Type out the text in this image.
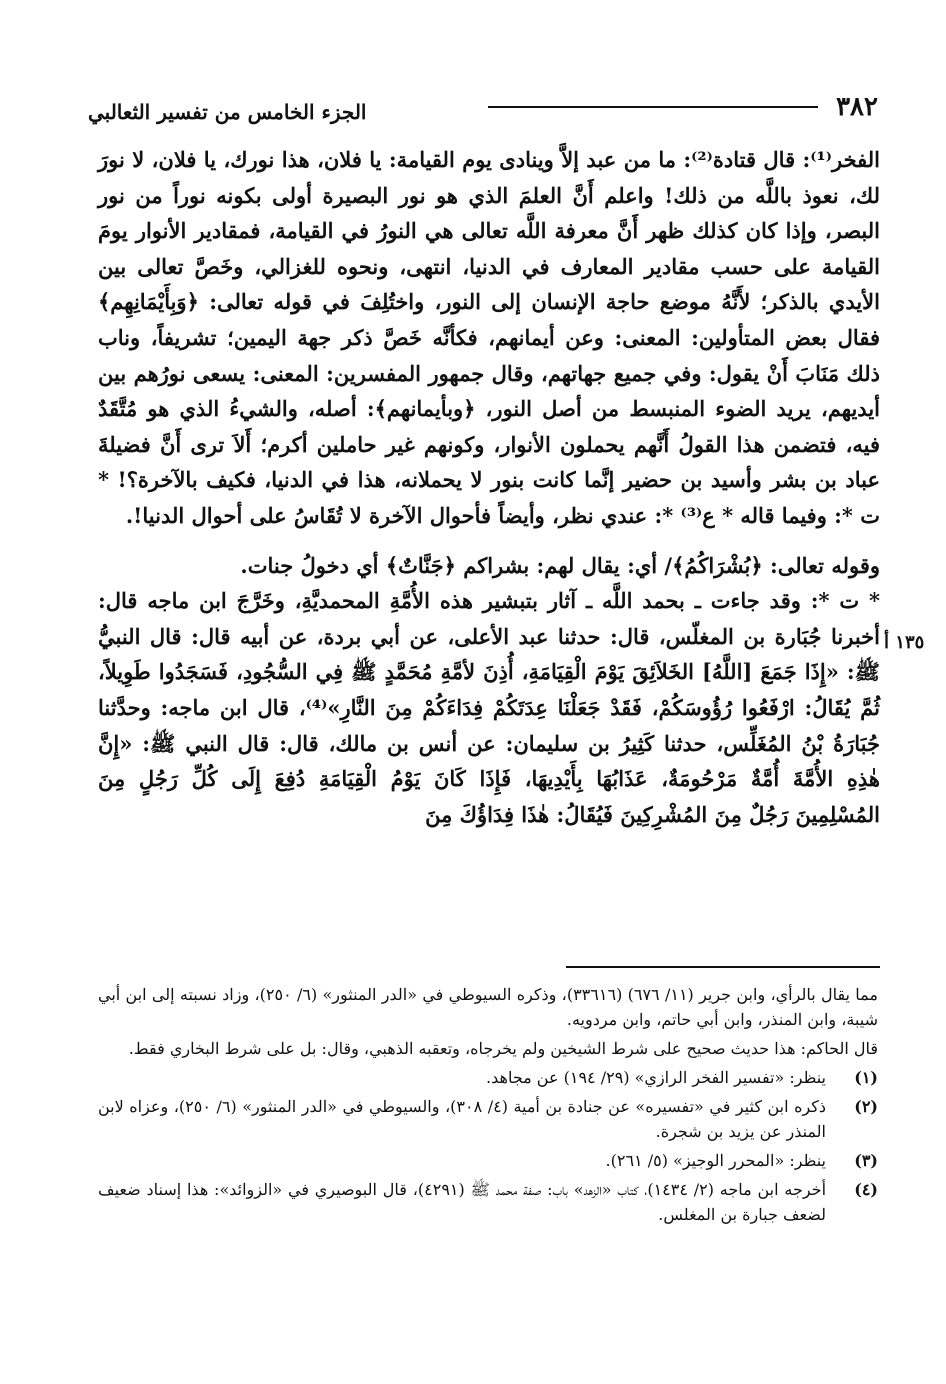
٣٨٢
الجزء الخامس من تفسير الثعالبي

الفخر⁽¹⁾: قال قتادة⁽²⁾: ما من عبد إلاَّ وينادى يوم القيامة: يا فلان، هذا نورك، يا فلان، لا نورَ لك، نعوذ باللَّه من ذلك! واعلم أَنَّ العلمَ الذي هو نور البصيرة أولى بكونه نوراً من نور البصر، وإذا كان كذلك ظهر أَنَّ معرفة اللَّه تعالى هي النورُ في القيامة، فمقادير الأنوار يومَ القيامة على حسب مقادير المعارف في الدنيا، انتهى، ونحوه للغزالي، وخَصَّ تعالى بين الأيدي بالذكر؛ لأَنَّهُ موضع حاجة الإنسان إلى النور، واختُلِفَ في قوله تعالى: ﴿وَبِأَيْمَانِهِم﴾ فقال بعض المتأولين: المعنى: وعن أيمانهم، فكأنَّه خَصَّ ذكر جهة اليمين؛ تشريفاً، وناب ذلك مَنَابَ أَنْ يقول: وفي جميع جهاتهم، وقال جمهور المفسرين: المعنى: يسعى نورُهم بين أيديهم، يريد الضوء المنبسط من أصل النور، ﴿وبأيمانهم﴾: أصله، والشيءُ الذي هو مُتَّقَدٌ فيه، فتضمن هذا القولُ أَنَّهم يحملون الأنوار، وكونهم غير حاملين أكرم؛ أَلاَ ترى أَنَّ فضيلةَ عباد بن بشر وأسيد بن حضير إنَّما كانت بنور لا يحملانه، هذا في الدنيا، فكيف بالآخرة؟! * ت *: وفيما قاله * ع⁽³⁾ *: عندي نظر، وأيضاً فأحوال الآخرة لا تُقَاسُ على أحوال الدنيا!.

وقوله تعالى: ﴿بُشْرَاكُمُ﴾/ أي: يقال لهم: بشراكم ﴿جَنَّاتٌ﴾ أي دخولُ جنات.

* ت *: وقد جاءت ـ بحمد اللَّه ـ آثار بتبشير هذه الأُمَّةِ المحمديَّةِ، وخَرَّجَ ابن ماجه قال: أخبرنا جُبَارة بن المغلّس، قال: حدثنا عبد الأعلى، عن أبي بردة، عن أبيه قال: قال النبيُّ ﷺ: «إِذَا جَمَعَ [اللَّهُ] الخَلاَئِقَ يَوْمَ الْقِيَامَةِ، أُذِنَ لأمَّةِ مُحَمَّدٍ ﷺ فِي السُّجُودِ، فَسَجَدُوا طَوِيلاً، ثُمَّ يُقَالُ: ارْفَعُوا رُؤُوسَكُمْ، فَقَدْ جَعَلْنَا عِدَتَكُمْ فِدَاءَكُمْ مِنَ النَّارِ»⁽⁴⁾، قال ابن ماجه: وحدَّثنا جُبَارَةُ بْنُ المُغَلِّس، حدثنا كَثِيرُ بن سليمان: عن أنس بن مالك، قال: قال النبي ﷺ: «إِنَّ هٰذِهِ الأُمَّةَ أُمَّةٌ مَرْحُومَةٌ، عَذَابُهَا بِأَيْدِيهَا، فَإِذَا كَانَ يَوْمُ الْقِيَامَةِ دُفِعَ إِلَى كُلِّ رَجُلٍ مِنَ المُسْلِمِينَ رَجُلٌ مِنَ المُشْرِكِينَ فَيُقَالُ: هٰذَا فِدَاؤُكَ مِنَ

١٣٥ أ

مما يقال بالرأي، وابن جرير (١١/ ٦٧٦) (٣٣٦١٦)، وذكره السيوطي في «الدر المنثور» (٦/ ٢٥٠)، وزاد نسبته إلى ابن أبي شيبة، وابن المنذر، وابن أبي حاتم، وابن مردويه.

قال الحاكم: هذا حديث صحيح على شرط الشيخين ولم يخرجاه، وتعقبه الذهبي، وقال: بل على شرط البخاري فقط.

(١)
ينظر: «تفسير الفخر الرازي» (٢٩/ ١٩٤) عن مجاهد.
(٢)
ذكره ابن كثير في «تفسيره» عن جنادة بن أمية (٤/ ٣٠٨)، والسيوطي في «الدر المنثور» (٦/ ٢٥٠)، وعزاه لابن المنذر عن يزيد بن شجرة.
(٣)
ينظر: «المحرر الوجيز» (٥/ ٢٦١).
(٤)
أخرجه ابن ماجه (٢/ ١٤٣٤)، كتاب «الزهد» باب: صفة محمد ﷺ (٤٢٩١)، قال البوصيري في «الزوائد»: هذا إسناد ضعيف لضعف جبارة بن المغلس.
